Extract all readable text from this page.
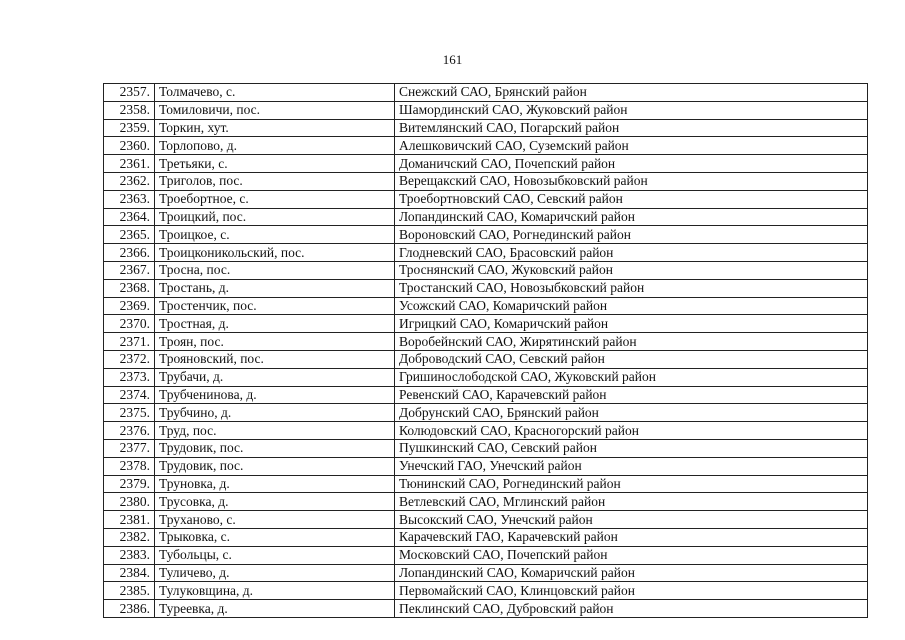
161
2357.	Толмачево, с.	Снежский САО, Брянский район
2358.	Томиловичи, пос.	Шамординский САО, Жуковский район
2359.	Торкин, хут.	Витемлянский САО, Погарский район
2360.	Торлопово, д.	Алешковичский САО, Суземский район
2361.	Третьяки, с.	Доманичский САО, Почепский район
2362.	Триголов, пос.	Верещакский САО, Новозыбковский район
2363.	Троебортное, с.	Троебортновский САО, Севский район
2364.	Троицкий, пос.	Лопандинский САО, Комаричский район
2365.	Троицкое, с.	Вороновский САО, Рогнединский район
2366.	Троицконикольский, пос.	Глодневский САО, Брасовский район
2367.	Тросна, пос.	Троснянский САО, Жуковский район
2368.	Тростань, д.	Тростанский САО, Новозыбковский район
2369.	Тростенчик, пос.	Усожский САО, Комаричский район
2370.	Тростная, д.	Игрицкий САО, Комаричский район
2371.	Троян, пос.	Воробейнский САО, Жирятинский район
2372.	Трояновский, пос.	Доброводский САО, Севский район
2373.	Трубачи, д.	Гришинослободской САО, Жуковский район
2374.	Трубченинова, д.	Ревенский САО, Карачевский район
2375.	Трубчино, д.	Добрунский САО, Брянский район
2376.	Труд, пос.	Колюдовский САО, Красногорский район
2377.	Трудовик, пос.	Пушкинский САО, Севский район
2378.	Трудовик, пос.	Унечский ГАО, Унечский район
2379.	Труновка, д.	Тюнинский САО, Рогнединский район
2380.	Трусовка, д.	Ветлевский САО, Мглинский район
2381.	Труханово, с.	Высокский САО, Унечский район
2382.	Трыковка, с.	Карачевский ГАО, Карачевский район
2383.	Тубольцы, с.	Московский САО, Почепский район
2384.	Туличево, д.	Лопандинский САО, Комаричский район
2385.	Тулуковщина, д.	Первомайский САО, Клинцовский район
2386.	Туреевка, д.	Пеклинский САО, Дубровский район
